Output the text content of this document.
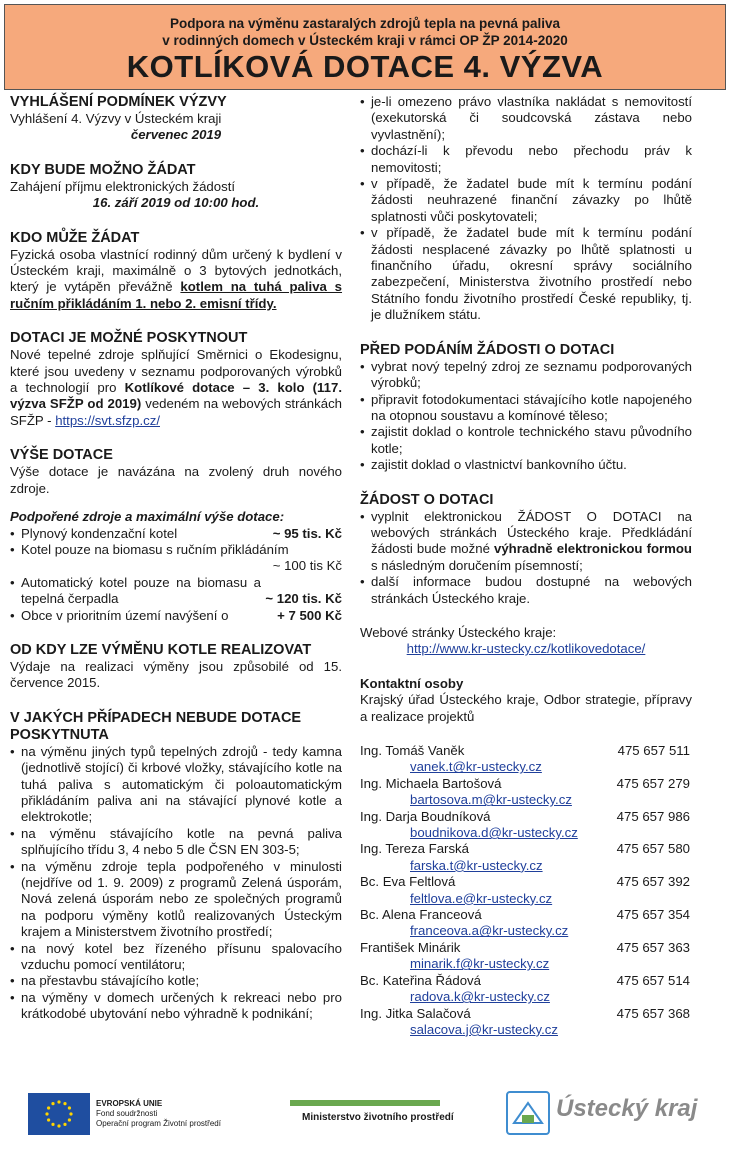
Podpora na výměnu zastaralých zdrojů tepla na pevná paliva
v rodinných domech v Ústeckém kraji v rámci OP ŽP 2014-2020
KOTLÍKOVÁ DOTACE 4. VÝZVA

VYHLÁŠENÍ PODMÍNEK VÝZVY

Vyhlášení 4. Výzvy v Ústeckém kraji

červenec 2019

KDY BUDE MOŽNO ŽÁDAT

Zahájení příjmu elektronických žádostí

16. září 2019 od 10:00 hod.

KDO MŮŽE ŽÁDAT

Fyzická osoba vlastnící rodinný dům určený k bydlení v Ústeckém kraji, maximálně o 3 bytových jednotkách, který je vytápěn převážně kotlem na tuhá paliva s ručním přikládáním 1. nebo 2. emisní třídy.

DOTACI JE MOŽNÉ POSKYTNOUT

Nové tepelné zdroje splňující Směrnici o Ekodesignu, které jsou uvedeny v seznamu podporovaných výrobků a technologií pro Kotlíkové dotace – 3. kolo (117. výzva SFŽP od 2019) vedeném na webových stránkách SFŽP - https://svt.sfzp.cz/

VÝŠE DOTACE

Výše dotace je navázána na zvolený druh nového zdroje.

Podpořené zdroje a maximální výše dotace:

• Plynový kondenzační kotel	~ 95 tis. Kč
• Kotel pouze na biomasu s ručním přikládáním
~ 100 tis Kč
• Automatický kotel pouze na biomasu a tepelná čerpadla	~ 120 tis. Kč
• Obce v prioritním území navýšení o	+ 7 500 Kč

OD KDY LZE VÝMĚNU KOTLE REALIZOVAT

Výdaje na realizaci výměny jsou způsobilé od 15. července 2015.

V JAKÝCH PŘÍPADECH NEBUDE DOTACE POSKYTNUTA

• na výměnu jiných typů tepelných zdrojů - tedy kamna (jednotlivě stojící) či krbové vložky, stávajícího kotle na tuhá paliva s automatickým či poloautomatickým přikládáním paliva ani na stávající plynové kotle a elektrokotle;
• na výměnu stávajícího kotle na pevná paliva splňujícího třídu 3, 4 nebo 5 dle ČSN EN 303-5;
• na výměnu zdroje tepla podpořeného v minulosti (nejdříve od 1. 9. 2009) z programů Zelená úsporám, Nová zelená úsporám nebo ze společných programů na podporu výměny kotlů realizovaných Ústeckým krajem a Ministerstvem životního prostředí;
• na nový kotel bez řízeného přísunu spalovacího vzduchu pomocí ventilátoru;
• na přestavbu stávajícího kotle;
• na výměny v domech určených k rekreaci nebo pro krátkodobé ubytování nebo výhradně k podnikání;
• je-li omezeno právo vlastníka nakládat s nemovitostí (exekutorská či soudcovská zástava nebo vyvlastnění);
• dochází-li k převodu nebo přechodu práv k nemovitosti;
• v případě, že žadatel bude mít k termínu podání žádosti neuhrazené finanční závazky po lhůtě splatnosti vůči poskytovateli;
• v případě, že žadatel bude mít k termínu podání žádosti nesplacené závazky po lhůtě splatnosti u finančního úřadu, okresní správy sociálního zabezpečení, Ministerstva životního prostředí nebo Státního fondu životního prostředí České republiky, tj. je dlužníkem státu.

PŘED PODÁNÍM ŽÁDOSTI O DOTACI

• vybrat nový tepelný zdroj ze seznamu podporovaných výrobků;
• připravit fotodokumentaci stávajícího kotle napojeného na otopnou soustavu a komínové těleso;
• zajistit doklad o kontrole technického stavu původního kotle;
• zajistit doklad o vlastnictví bankovního účtu.

ŽÁDOST O DOTACI

• vyplnit elektronickou ŽÁDOST O DOTACI na webových stránkách Ústeckého kraje. Předkládání žádosti bude možné výhradně elektronickou formou s následným doručením písemností;
• další informace budou dostupné na webových stránkách Ústeckého kraje.

Webové stránky Ústeckého kraje:

http://www.kr-ustecky.cz/kotlikovedotace/

Kontaktní osoby

Krajský úřad Ústeckého kraje, Odbor strategie, přípravy a realizace projektů

Ing. Tomáš Vaněk	475 657 511
vanek.t@kr-ustecky.cz
Ing. Michaela Bartošová	475 657 279
bartosova.m@kr-ustecky.cz
Ing. Darja Boudníková	475 657 986
boudnikova.d@kr-ustecky.cz
Ing. Tereza Farská	475 657 580
farska.t@kr-ustecky.cz
Bc. Eva Feltlová	475 657 392
feltlova.e@kr-ustecky.cz
Bc. Alena Franceová	475 657 354
franceova.a@kr-ustecky.cz
František Minárik	475 657 363
minarik.f@kr-ustecky.cz
Bc. Kateřina Řádová	475 657 514
radova.k@kr-ustecky.cz
Ing. Jitka Salačová	475 657 368
salacova.j@kr-ustecky.cz
EVROPSKÁ UNIE
Fond soudržnosti
Operační program Životní prostředí
Ministerstvo životního prostředí	Ústecký kraj
